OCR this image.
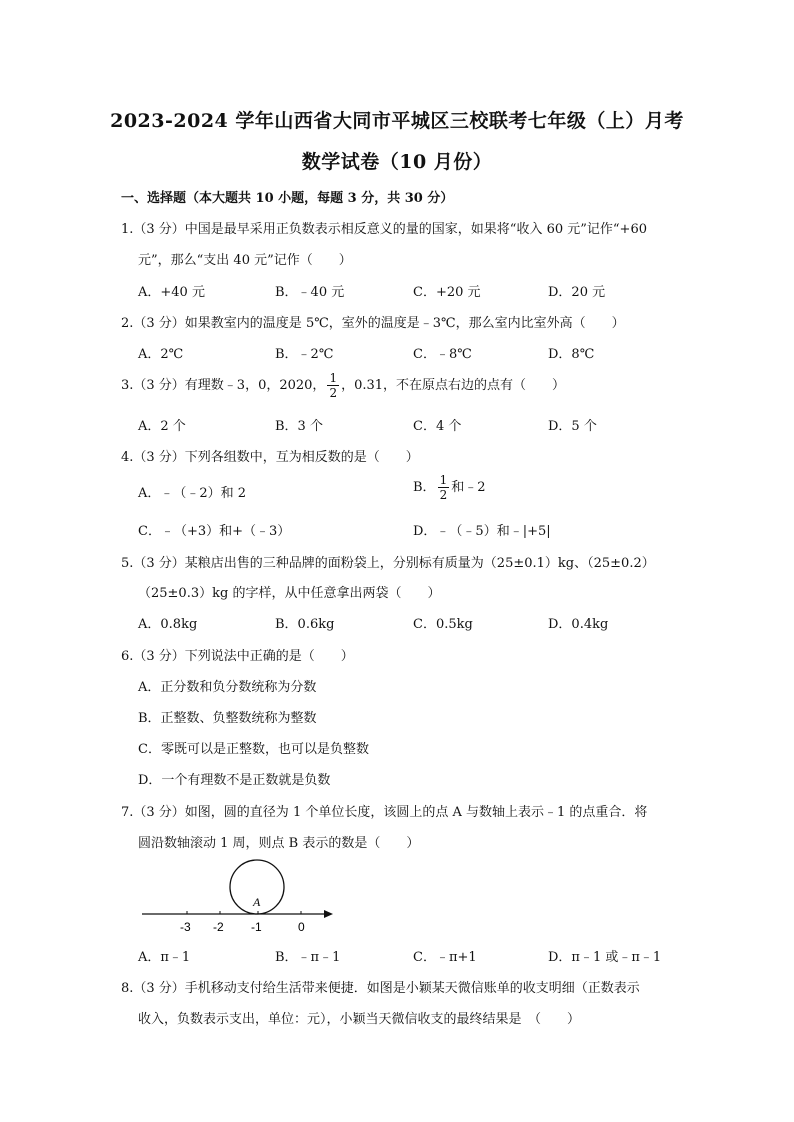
2023-2024 学年山西省大同市平城区三校联考七年级（上）月考
数学试卷（10 月份）
一、选择题（本大题共 10 小题，每题 3 分，共 30 分）
1.（3 分）中国是最早采用正负数表示相反意义的量的国家，如果将“收入 60 元”记作“+60
元”，那么“支出 40 元”记作（　　）
A．+40 元	B．﹣40 元	C．+20 元	D．20 元
2.（3 分）如果教室内的温度是 5℃，室外的温度是﹣3℃，那么室内比室外高（　　）
A．2℃	B．﹣2℃	C．﹣8℃	D．8℃
3.（3 分）有理数﹣3，0，2020， $\frac{1}{2}$ ，0.31，不在原点右边的点有（　　）
A．2 个	B．3 个	C．4 个	D．5 个
4.（3 分）下列各组数中，互为相反数的是（　　）
A．﹣（﹣2）和 2	B． $\frac{1}{2}$ 和﹣2
C．﹣（+3）和+（﹣3）	D．﹣（﹣5）和﹣|+5|
5.（3 分）某粮店出售的三种品牌的面粉袋上，分别标有质量为（25±0.1）kg、（25±0.2）
（25±0.3）kg 的字样，从中任意拿出两袋（　　）
A．0.8kg	B．0.6kg	C．0.5kg	D．0.4kg
6.（3 分）下列说法中正确的是（　　）
A．正分数和负分数统称为分数
B．正整数、负整数统称为整数
C．零既可以是正整数，也可以是负整数
D．一个有理数不是正数就是负数
7.（3 分）如图，圆的直径为 1 个单位长度，该圆上的点 A 与数轴上表示﹣1 的点重合．将
圆沿数轴滚动 1 周，则点 B 表示的数是（　　）
A
-3 -2 -1	0
A．π﹣1	B．﹣π﹣1	C．﹣π+1	D．π﹣1 或﹣π﹣1
8.（3 分）手机移动支付给生活带来便捷．如图是小颖某天微信账单的收支明细（正数表示
收入，负数表示支出，单位：元），小颖当天微信收支的最终结果是　（　　）
